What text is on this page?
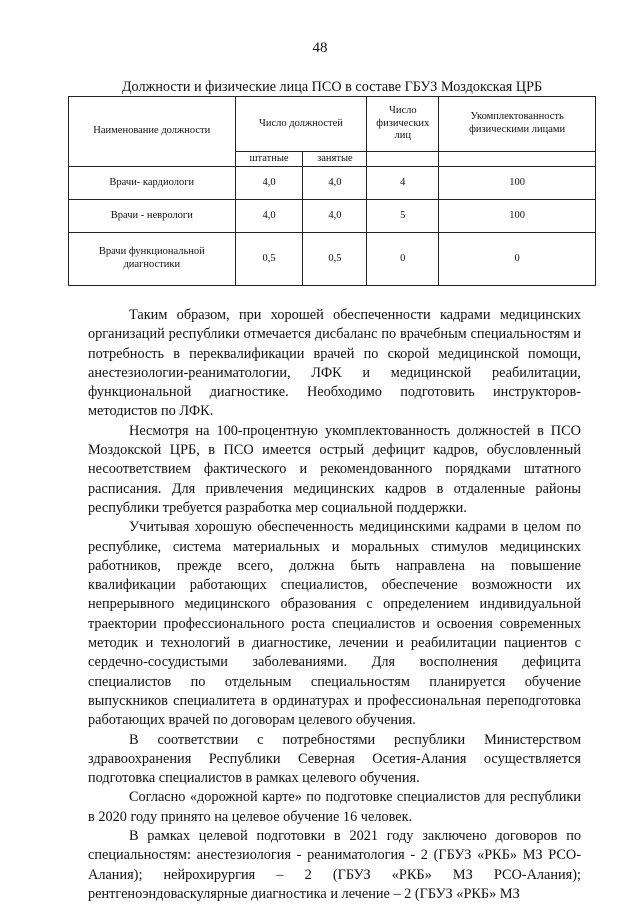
48
Должности и физические лица ПСО в составе ГБУЗ Моздокская ЦРБ
Наименование должности	Число должностей		Число физических лиц	Укомплектованность физическими лицами
	штатные	занятые		
Врачи- кардиологи	4,0	4,0	4	100
Врачи - неврологи	4,0	4,0	5	100
Врачи функциональной диагностики	0,5	0,5	0	0

Таким образом, при хорошей обеспеченности кадрами медицинских организаций республики отмечается дисбаланс по врачебным специальностям и потребность в переквалификации врачей по скорой медицинской помощи, анестезиологии-реаниматологии, ЛФК и медицинской реабилитации, функциональной диагностике. Необходимо подготовить инструкторов-методистов по ЛФК.

Несмотря на 100-процентную укомплектованность должностей в ПСО Моздокской ЦРБ, в ПСО имеется острый дефицит кадров, обусловленный несоответствием фактического и рекомендованного порядками штатного расписания. Для привлечения медицинских кадров в отдаленные районы республики требуется разработка мер социальной поддержки.

Учитывая хорошую обеспеченность медицинскими кадрами в целом по республике, система материальных и моральных стимулов медицинских работников, прежде всего, должна быть направлена на повышение квалификации работающих специалистов, обеспечение возможности их непрерывного медицинского образования с определением индивидуальной траектории профессионального роста специалистов и освоения современных методик и технологий в диагностике, лечении и реабилитации пациентов с сердечно-сосудистыми заболеваниями. Для восполнения дефицита специалистов по отдельным специальностям планируется обучение выпускников специалитета в ординатурах и профессиональная переподготовка работающих врачей по договорам целевого обучения.

В соответствии с потребностями республики Министерством здравоохранения Республики Северная Осетия-Алания осуществляется подготовка специалистов в рамках целевого обучения.

Согласно «дорожной карте» по подготовке специалистов для республики в 2020 году принято на целевое обучение 16 человек.

В рамках целевой подготовки в 2021 году заключено договоров по специальностям: анестезиология - реаниматология - 2 (ГБУЗ «РКБ» МЗ РСО-Алания); нейрохирургия – 2 (ГБУЗ «РКБ» МЗ РСО-Алания); рентгеноэндоваскулярные диагностика и лечение – 2 (ГБУЗ «РКБ» МЗ
